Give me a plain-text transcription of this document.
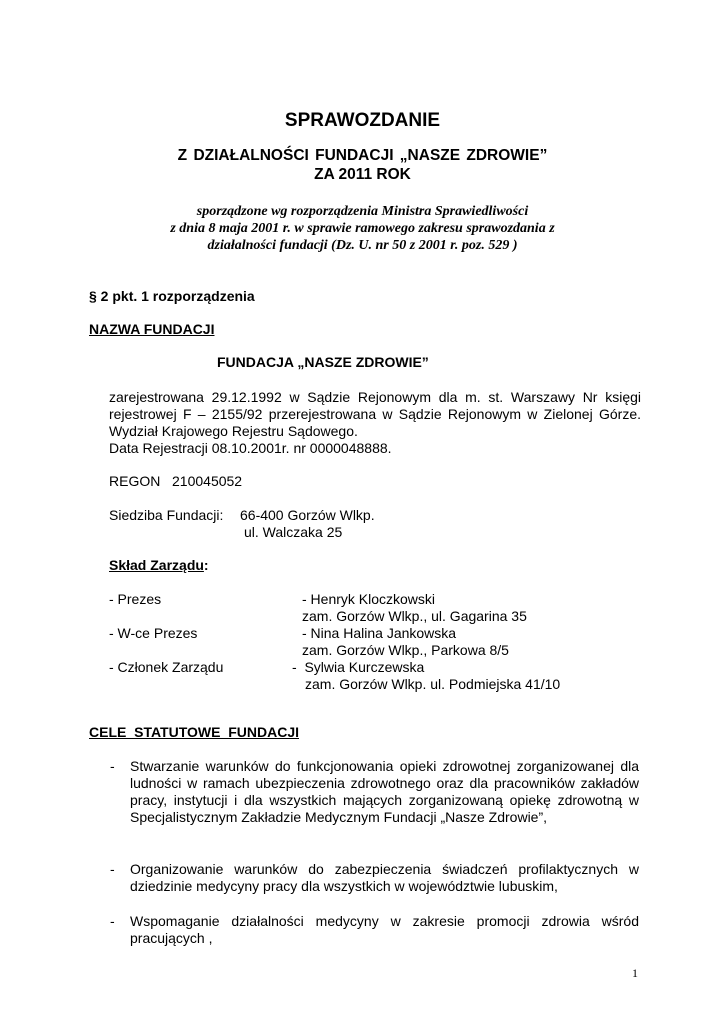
SPRAWOZDANIE
Z DZIAŁALNOŚCI FUNDACJI „NASZE ZDROWIE”
ZA 2011 ROK
sporządzone wg rozporządzenia Ministra Sprawiedliwości
z dnia 8 maja 2001 r. w sprawie ramowego zakresu sprawozdania z
działalności fundacji (Dz. U. nr 50 z 2001 r. poz. 529 )
§ 2 pkt. 1 rozporządzenia
NAZWA FUNDACJI
FUNDACJA „NASZE ZDROWIE”
zarejestrowana 29.12.1992 w Sądzie Rejonowym dla m. st. Warszawy Nr księgi rejestrowej F – 2155/92 przerejestrowana w Sądzie Rejonowym w Zielonej Górze. Wydział Krajowego Rejestru Sądowego.
Data Rejestracji 08.10.2001r. nr 0000048888.
REGON   210045052
Siedziba Fundacji: 66-400 Gorzów Wlkp.
ul. Walczaka 25
Skład Zarządu:
- Prezes	- Henryk Kloczkowski
zam. Gorzów Wlkp., ul. Gagarina 35
- W-ce Prezes	- Nina Halina Jankowska
zam. Gorzów Wlkp., Parkowa 8/5
- Członek Zarządu	-  Sylwia Kurczewska
zam. Gorzów Wlkp. ul. Podmiejska 41/10
CELE  STATUTOWE  FUNDACJI
- Stwarzanie warunków do funkcjonowania opieki zdrowotnej zorganizowanej dla ludności w ramach ubezpieczenia zdrowotnego oraz dla pracowników zakładów pracy, instytucji i dla wszystkich mających zorganizowaną opiekę zdrowotną w Specjalistycznym Zakładzie Medycznym Fundacji „Nasze Zdrowie”,
- Organizowanie warunków do zabezpieczenia świadczeń profilaktycznych w dziedzinie medycyny pracy dla wszystkich w województwie lubuskim,
- Wspomaganie działalności medycyny w zakresie promocji zdrowia wśród pracujących ,
1
